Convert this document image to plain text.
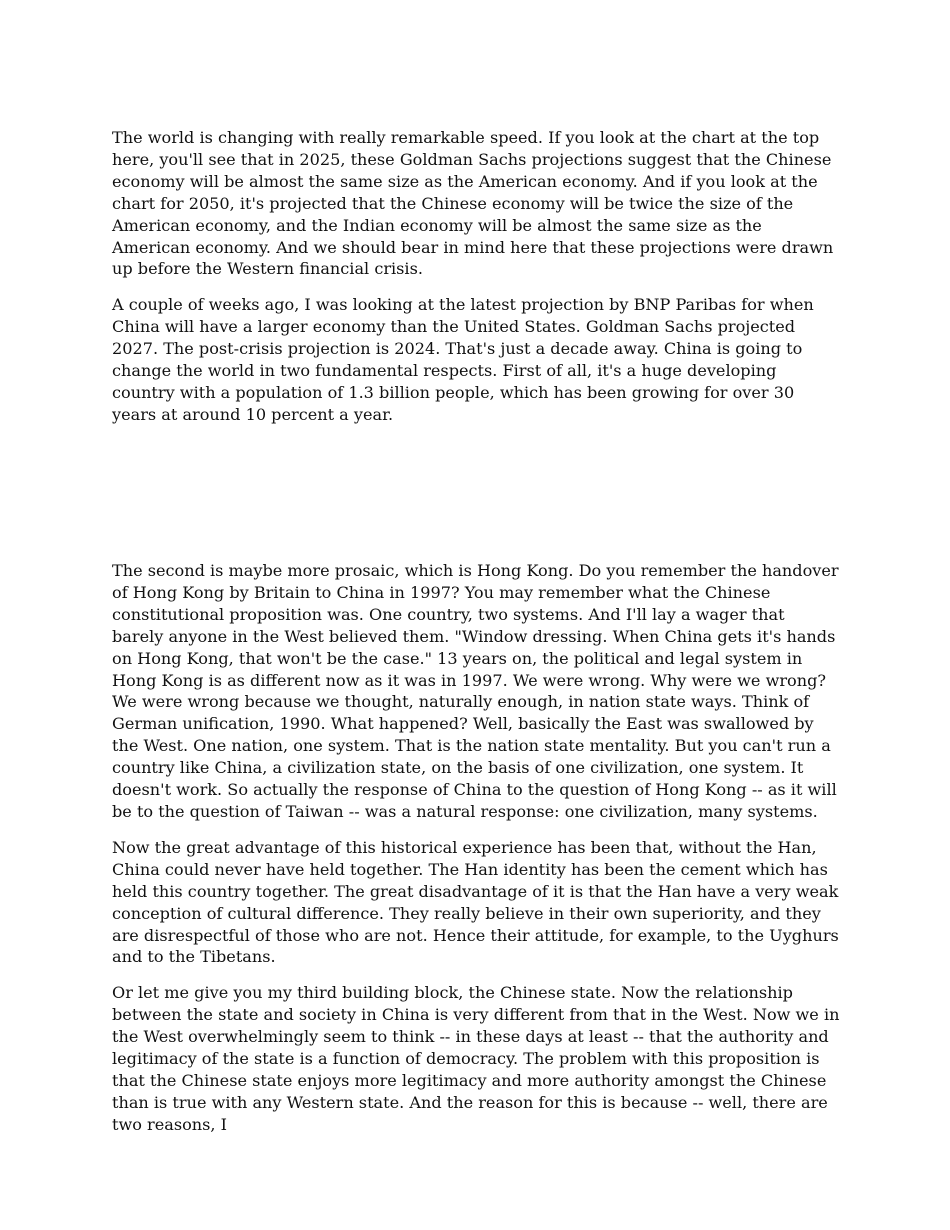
The world is changing with really remarkable speed. If you look at the chart at the top here, you'll see that in 2025, these Goldman Sachs projections suggest that the Chinese economy will be almost the same size as the American economy. And if you look at the chart for 2050, it's projected that the Chinese economy will be twice the size of the American economy, and the Indian economy will be almost the same size as the American economy. And we should bear in mind here that these projections were drawn up before the Western financial crisis.

A couple of weeks ago, I was looking at the latest projection by BNP Paribas for when China will have a larger economy than the United States. Goldman Sachs projected 2027. The post-crisis projection is 2024. That's just a decade away. China is going to change the world in two fundamental respects. First of all, it's a huge developing country with a population of 1.3 billion people, which has been growing for over 30 years at around 10 percent a year.

The second is maybe more prosaic, which is Hong Kong. Do you remember the handover of Hong Kong by Britain to China in 1997? You may remember what the Chinese constitutional proposition was. One country, two systems. And I'll lay a wager that barely anyone in the West believed them. "Window dressing. When China gets it's hands on Hong Kong, that won't be the case." 13 years on, the political and legal system in Hong Kong is as different now as it was in 1997. We were wrong. Why were we wrong? We were wrong because we thought, naturally enough, in nation state ways. Think of German unification, 1990. What happened? Well, basically the East was swallowed by the West. One nation, one system. That is the nation state mentality. But you can't run a country like China, a civilization state, on the basis of one civilization, one system. It doesn't work. So actually the response of China to the question of Hong Kong -- as it will be to the question of Taiwan -- was a natural response: one civilization, many systems.

Now the great advantage of this historical experience has been that, without the Han, China could never have held together. The Han identity has been the cement which has held this country together. The great disadvantage of it is that the Han have a very weak conception of cultural difference. They really believe in their own superiority, and they are disrespectful of those who are not. Hence their attitude, for example, to the Uyghurs and to the Tibetans.

Or let me give you my third building block, the Chinese state. Now the relationship between the state and society in China is very different from that in the West. Now we in the West overwhelmingly seem to think -- in these days at least -- that the authority and legitimacy of the state is a function of democracy. The problem with this proposition is that the Chinese state enjoys more legitimacy and more authority amongst the Chinese than is true with any Western state. And the reason for this is because -- well, there are two reasons, I
